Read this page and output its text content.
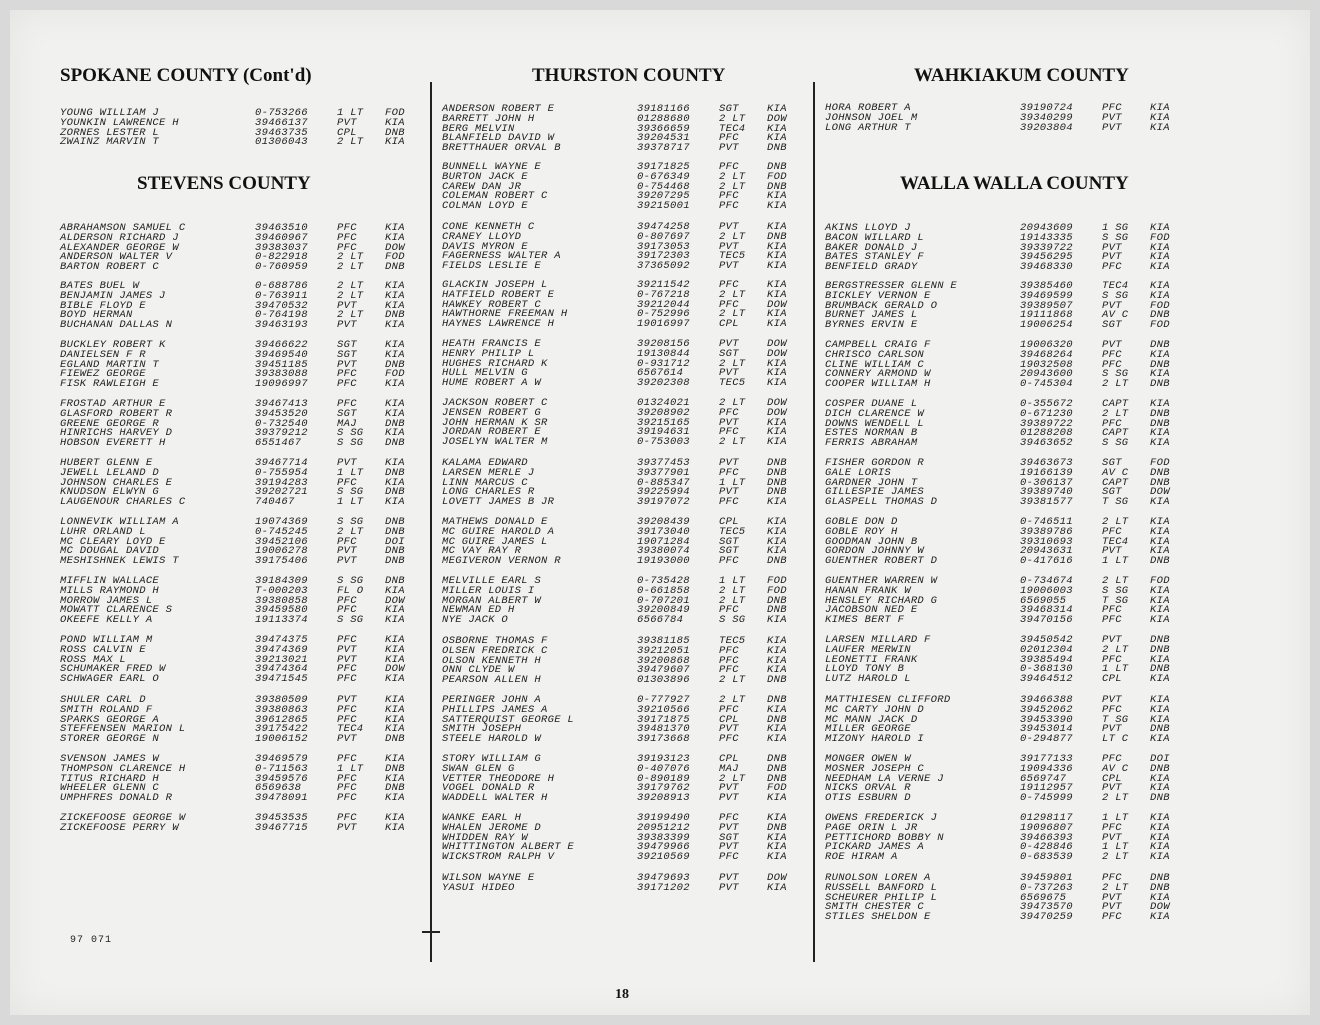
SPOKANE COUNTY (Cont'd)
YOUNG WILLIAM J	0-753266	1 LT FOD
YOUNKIN LAWRENCE H	39466137	PVT	KIA
ZORNES LESTER L	39463735	CPL	DNB
ZWAINZ MARVIN T	01306043	2 LT KIA
STEVENS COUNTY
ABRAHAMSON SAMUEL C	39463510	PFC	KIA
ALDERSON RICHARD J	39460967	PFC	KIA
ALEXANDER GEORGE W	39383037	PFC	DOW
ANDERSON WALTER V	0-822918	2 LT FOD
BARTON ROBERT C	0-760959	2 LT DNB
BATES BUEL W	0-688786	2 LT KIA
BENJAMIN JAMES J	0-763911	2 LT KIA
BIBLE FLOYD E	39470532	PVT	KIA
BOYD HERMAN	0-764198	2 LT DNB
BUCHANAN DALLAS N	39463193	PVT	KIA
BUCKLEY ROBERT K	39466622	SGT	KIA
DANIELSEN F R	39469540	SGT	KIA
EGLAND MARTIN T	39451185	PVT	DNB
FIEWEZ GEORGE	39383088	PFC	FOD
FISK RAWLEIGH E	19096997	PFC	KIA
FROSTAD ARTHUR E	39467413	PFC	KIA
GLASFORD ROBERT R	39453520	SGT	KIA
GREENE GEORGE R	0-732540	MAJ	DNB
HINRICHS HARVEY D	39379212	S SG KIA
HOBSON EVERETT H	6551467	S SG DNB
HUBERT GLENN E	39467714	PVT	KIA
JEWELL LELAND D	0-755954	1 LT DNB
JOHNSON CHARLES E	39194283	PFC	KIA
KNUDSON ELWYN G	39202721	S SG DNB
LAUGENOUR CHARLES C	740467	1 LT KIA
LONNEVIK WILLIAM A	19074369	S SG DNB
LUHR ORLAND L	0-745245	2 LT DNB
MC CLEARY LOYD E	39452106	PFC	DOI
MC DOUGAL DAVID	19006278	PVT	DNB
MESHISHNEK LEWIS T	39175406	PVT	DNB
MIFFLIN WALLACE	39184309	S SG DNB
MILLS RAYMOND H	T-000203	FL O KIA
MORROW JAMES L	39380858	PFC	DOW
MOWATT CLARENCE S	39459580	PFC	KIA
OKEEFE KELLY A	19113374	S SG KIA
POND WILLIAM M	39474375	PFC	KIA
ROSS CALVIN E	39474369	PVT	KIA
ROSS MAX L	39213021	PVT	KIA
SCHUMAKER FRED W	39474364	PFC	DOW
SCHWAGER EARL O	39471545	PFC	KIA
SHULER CARL D	39380509	PVT	KIA
SMITH ROLAND F	39380863	PFC	KIA
SPARKS GEORGE A	39612865	PFC	KIA
STEFFENSEN MARION L	39175422	TEC4 KIA
STORER GEORGE N	19006152	PVT	DNB
SVENSON JAMES W	39469579	PFC	KIA
THOMPSON CLARENCE H	0-711563	1 LT DNB
TITUS RICHARD H	39459576	PFC	KIA
WHEELER GLENN C	6569638	PFC	DNB
UMPHFRES DONALD R	39478091	PFC	KIA
ZICKEFOOSE GEORGE W	39453535	PFC	KIA
ZICKEFOOSE PERRY W	39467715	PVT	KIA
THURSTON COUNTY
ANDERSON ROBERT E	39181166	SGT	KIA
BARRETT JOHN H	01288680	2 LT DOW
BERG MELVIN	39366659	TEC4 KIA
BLANFIELD DAVID W	39204531	PFC	KIA
BRETTHAUER ORVAL B	39378717	PVT	DNB
BUNNELL WAYNE E	39171825	PFC	DNB
BURTON JACK E	0-676349	2 LT FOD
CAREW DAN JR	0-754468	2 LT DNB
COLEMAN ROBERT C	39207295	PFC	KIA
COLMAN LOYD E	39215001	PFC	KIA
CONE KENNETH C	39474258	PVT	KIA
CRANEY LLOYD	0-807697	2 LT DNB
DAVIS MYRON E	39173053	PVT	KIA
FAGERNESS WALTER A	39172303	TEC5 KIA
FIELDS LESLIE E	37365092	PVT	KIA
GLACKIN JOSEPH L	39211542	PFC	KIA
HATFIELD ROBERT E	0-767218	2 LT KIA
HAWKEY ROBERT C	39212044	PFC	DOW
HAWTHORNE FREEMAN H	0-752996	2 LT KIA
HAYNES LAWRENCE H	19016997	CPL	KIA
HEATH FRANCIS E	39208156	PVT	DOW
HENRY PHILIP L	19130844	SGT	DOW
HUGHES RICHARD K	0-931712	2 LT KIA
HULL MELVIN G	6567614	PVT	KIA
HUME ROBERT A W	39202308	TEC5 KIA
JACKSON ROBERT C	01324021	2 LT DOW
JENSEN ROBERT G	39208902	PFC	DOW
JOHN HERMAN K SR	39215165	PVT	KIA
JORDAN ROBERT E	39194631	PFC	KIA
JOSELYN WALTER M	0-753003	2 LT KIA
KALAMA EDWARD	39377453	PVT	DNB
LARSEN MERLE J	39377901	PFC	DNB
LINN MARCUS C	0-885347	1 LT DNB
LONG CHARLES R	39225994	PVT	DNB
LOVETT JAMES B JR	39197072	PFC	KIA
MATHEWS DONALD E	39208439	CPL	KIA
MC GUIRE HAROLD A	39173040	TEC5 KIA
MC GUIRE JAMES L	19071284	SGT	KIA
MC VAY RAY R	39380074	SGT	KIA
MEGIVERON VERNON R	19193000	PFC	DNB
MELVILLE EARL S	0-735428	1 LT FOD
MILLER LOUIS I	0-661858	2 LT FOD
MORGAN ALBERT W	0-707201	2 LT DNB
NEWMAN ED H	39200849	PFC	DNB
NYE JACK O	6566784	S SG KIA
OSBORNE THOMAS F	39381185	TEC5 KIA
OLSEN FREDRICK C	39212051	PFC	KIA
OLSON KENNETH H	39200868	PFC	KIA
ONN CLYDE W	39479607	PFC	KIA
PEARSON ALLEN H	01303896	2 LT DNB
PERINGER JOHN A	0-777927	2 LT DNB
PHILLIPS JAMES A	39210566	PFC	KIA
SATTERQUIST GEORGE L	39171875	CPL	DNB
SMITH JOSEPH	39481370	PVT	KIA
STEELE HAROLD W	39173668	PFC	KIA
STORY WILLIAM G	39193123	CPL	DNB
SWAN GLEN G	0-407076	MAJ	DNB
VETTER THEODORE H	0-890189	2 LT DNB
VOGEL DONALD R	39179762	PVT	FOD
WADDELL WALTER H	39208913	PVT	KIA
WANKE EARL H	39199490	PFC	KIA
WHALEN JEROME D	20951212	PVT	DNB
WHIDDEN RAY W	39383399	SGT	KIA
WHITTINGTON ALBERT E	39479966	PVT	KIA
WICKSTROM RALPH V	39210569	PFC	KIA
WILSON WAYNE E	39479693	PVT	DOW
YASUI HIDEO	39171202	PVT	KIA
WAHKIAKUM COUNTY
HORA ROBERT A	39190724	PFC	KIA
JOHNSON JOEL M	39340299	PVT	KIA
LONG ARTHUR T	39203804	PVT	KIA
WALLA WALLA COUNTY
AKINS LLOYD J	20943609	1 SG KIA
BACON WILLARD L	19143335	S SG FOD
BAKER DONALD J	39339722	PVT	KIA
BATES STANLEY F	39456295	PVT	KIA
BENFIELD GRADY	39468330	PFC	KIA
BERGSTRESSER GLENN E	39385460	TEC4 KIA
BICKLEY VERNON E	39469599	S SG KIA
BRUMBACK GERALD O	39389507	PVT	FOD
BURNET JAMES L	19111868	AV C DNB
BYRNES ERVIN E	19006254	SGT	FOD
CAMPBELL CRAIG F	19006320	PVT	DNB
CHRISCO CARLSON	39468264	PFC	KIA
CLINE WILLIAM C	19032508	PFC	DNB
CONNERY ARMOND W	20943600	S SG KIA
COOPER WILLIAM H	0-745304	2 LT DNB
COSPER DUANE L	0-355672	CAPT KIA
DICH CLARENCE W	0-671230	2 LT DNB
DOWNS WENDELL L	39389722	PFC	DNB
ESTES NORMAN B	01288208	CAPT KIA
FERRIS ABRAHAM	39463652	S SG KIA
FISHER GORDON R	39463673	SGT	FOD
GALE LORIS	19166139	AV C DNB
GARDNER JOHN T	0-306137	CAPT DNB
GILLESPIE JAMES	39389740	SGT	DOW
GLASPELL THOMAS D	39381577	T SG KIA
GOBLE DON D	0-746511	2 LT KIA
GOBLE ROY H	39389786	PFC	KIA
GOODMAN JOHN B	39310693	TEC4 KIA
GORDON JOHNNY W	20943631	PVT	KIA
GUENTHER ROBERT D	0-417616	1 LT DNB
GUENTHER WARREN W	0-734674	2 LT FOD
HANAN FRANK W	19006003	S SG KIA
HENSLEY RICHARD G	6569055	T SG KIA
JACOBSON NED E	39468314	PFC	KIA
KIMES BERT F	39470156	PFC	KIA
LARSEN MILLARD F	39450542	PVT	DNB
LAUFER MERWIN	02012304	2 LT DNB
LEONETTI FRANK	39385494	PFC	KIA
LLOYD TONY B	0-368130	1 LT DNB
LUTZ HAROLD L	39464512	CPL	KIA
MATTHIESEN CLIFFORD	39466388	PVT	KIA
MC CARTY JOHN D	39452062	PFC	KIA
MC MANN JACK D	39453390	T SG KIA
MILLER GEORGE	39453014	PVT	DNB
MIZONY HAROLD I	0-294877	LT C KIA
MONGER OWEN W	39177133	PFC	DOI
MOSNER JOSEPH C	19094336	AV C DNB
NEEDHAM LA VERNE J	6569747	CPL	KIA
NICKS ORVAL R	19112957	PVT	KIA
OTIS ESBURN D	0-745999	2 LT DNB
OWENS FREDERICK J	01298117	1 LT KIA
PAGE ORIN L JR	19096807	PFC	KIA
PETTICHORD BOBBY N	39466393	PVT	KIA
PICKARD JAMES A	0-428846	1 LT KIA
ROE HIRAM A	0-683539	2 LT KIA
RUNOLSON LOREN A	39459801	PFC	DNB
RUSSELL BANFORD L	0-737263	2 LT DNB
SCHEURER PHILIP L	6569675	PVT	KIA
SMITH CHESTER C	39473570	PVT	DOW
STILES SHELDON E	39470259	PFC	KIA
97 071
18
